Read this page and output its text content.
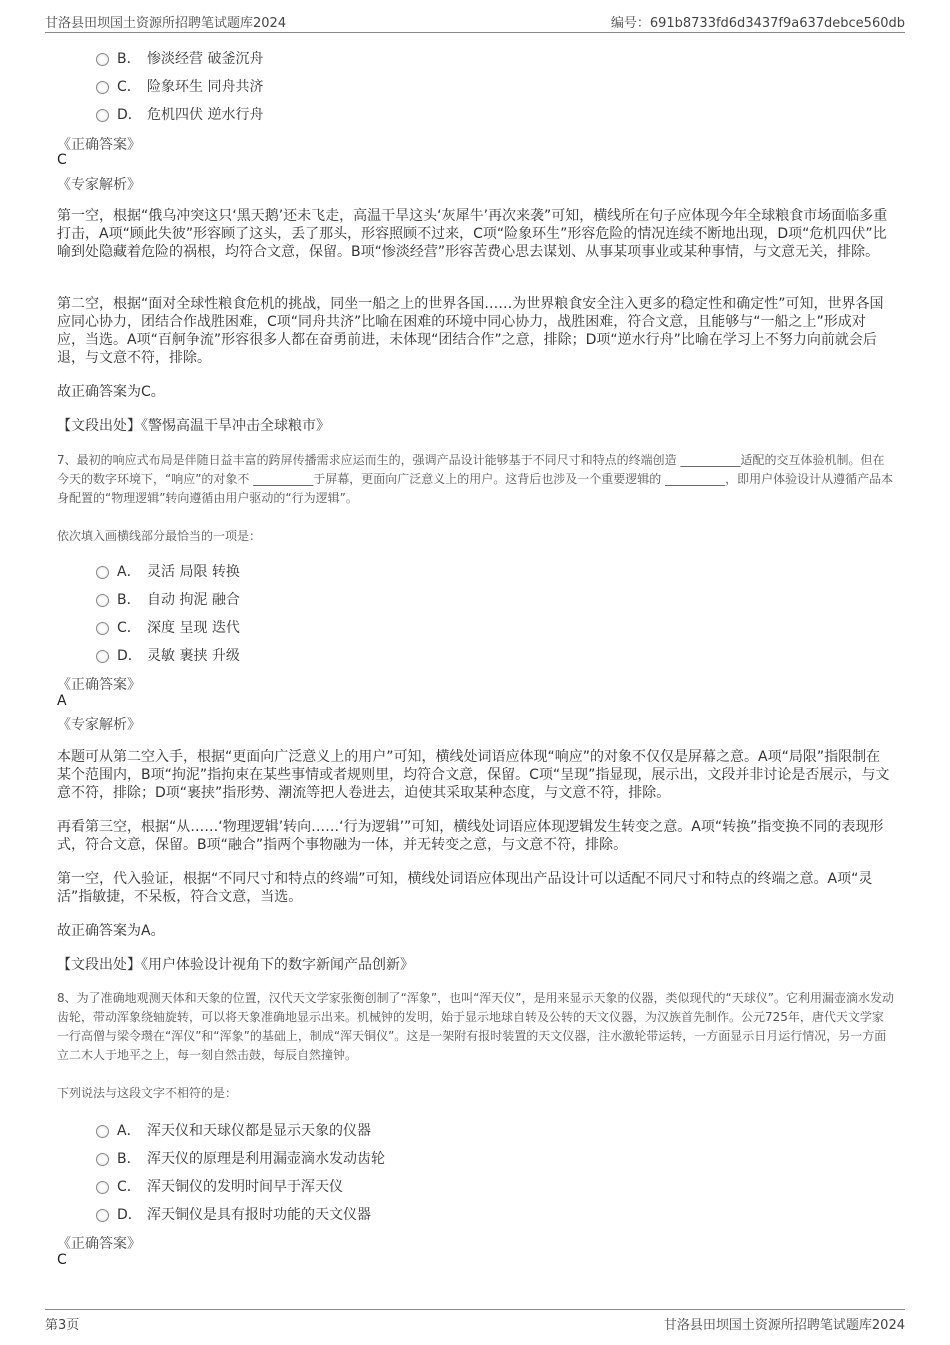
甘洛县田坝国土资源所招聘笔试题库2024	编号：691b8733fd6d3437f9a637debce560db
B． 惨淡经营 破釜沉舟
C． 险象环生 同舟共济
D． 危机四伏 逆水行舟
《正确答案》
C
《专家解析》
第一空，根据“俄乌冲突这只‘黑天鹅’还未飞走，高温干旱这头‘灰犀牛’再次来袭”可知，横线所在句子应体现今年全球粮食市场面临多重打击，A项“顾此失彼”形容顾了这头，丢了那头，形容照顾不过来，C项“险象环生”形容危险的情况连续不断地出现，D项“危机四伏”比喻到处隐藏着危险的祸根，均符合文意，保留。B项“惨淡经营”形容苦费心思去谋划、从事某项事业或某种事情，与文意无关，排除。
第二空，根据“面对全球性粮食危机的挑战，同坐一船之上的世界各国……为世界粮食安全注入更多的稳定性和确定性”可知，世界各国应同心协力，团结合作战胜困难，C项“同舟共济”比喻在困难的环境中同心协力，战胜困难，符合文意，且能够与“一船之上”形成对应，当选。A项“百舸争流”形容很多人都在奋勇前进，未体现“团结合作”之意，排除；D项“逆水行舟”比喻在学习上不努力向前就会后退，与文意不符，排除。
故正确答案为C。
【文段出处】《警惕高温干旱冲击全球粮市》
7、最初的响应式布局是伴随日益丰富的跨屏传播需求应运而生的，强调产品设计能够基于不同尺寸和特点的终端创造 __________适配的交互体验机制。但在今天的数字环境下，“响应”的对象不 __________于屏幕，更面向广泛意义上的用户。这背后也涉及一个重要逻辑的 __________，即用户体验设计从遵循产品本身配置的“物理逻辑”转向遵循由用户驱动的“行为逻辑”。
依次填入画横线部分最恰当的一项是：
A． 灵活 局限 转换
B． 自动 拘泥 融合
C． 深度 呈现 迭代
D． 灵敏 裹挟 升级
《正确答案》
A
《专家解析》
本题可从第二空入手，根据“更面向广泛意义上的用户”可知，横线处词语应体现“响应”的对象不仅仅是屏幕之意。A项“局限”指限制在某个范围内，B项“拘泥”指拘束在某些事情或者规则里，均符合文意，保留。C项“呈现”指显现，展示出，文段并非讨论是否展示，与文意不符，排除；D项“裹挟”指形势、潮流等把人卷进去，迫使其采取某种态度，与文意不符，排除。
再看第三空，根据“从……‘物理逻辑’转向……‘行为逻辑’”可知，横线处词语应体现逻辑发生转变之意。A项“转换”指变换不同的表现形式，符合文意，保留。B项“融合”指两个事物融为一体，并无转变之意，与文意不符，排除。
第一空，代入验证，根据“不同尺寸和特点的终端”可知，横线处词语应体现出产品设计可以适配不同尺寸和特点的终端之意。A项“灵活”指敏捷，不呆板，符合文意，当选。
故正确答案为A。
【文段出处】《用户体验设计视角下的数字新闻产品创新》
8、为了准确地观测天体和天象的位置，汉代天文学家张衡创制了“浑象”，也叫“浑天仪”，是用来显示天象的仪器，类似现代的“天球仪”。它利用漏壶滴水发动齿轮，带动浑象绕轴旋转，可以将天象准确地显示出来。机械钟的发明，始于显示地球自转及公转的天文仪器，为汉族首先制作。公元725年，唐代天文学家一行高僧与梁令瓒在“浑仪”和“浑象”的基础上，制成“浑天铜仪”。这是一架附有报时装置的天文仪器，注水激轮带运转，一方面显示日月运行情况，另一方面立二木人于地平之上，每一刻自然击鼓，每辰自然撞钟。
下列说法与这段文字不相符的是：
A． 浑天仪和天球仪都是显示天象的仪器
B． 浑天仪的原理是利用漏壶滴水发动齿轮
C． 浑天铜仪的发明时间早于浑天仪
D． 浑天铜仪是具有报时功能的天文仪器
《正确答案》
C
第3页	甘洛县田坝国土资源所招聘笔试题库2024
